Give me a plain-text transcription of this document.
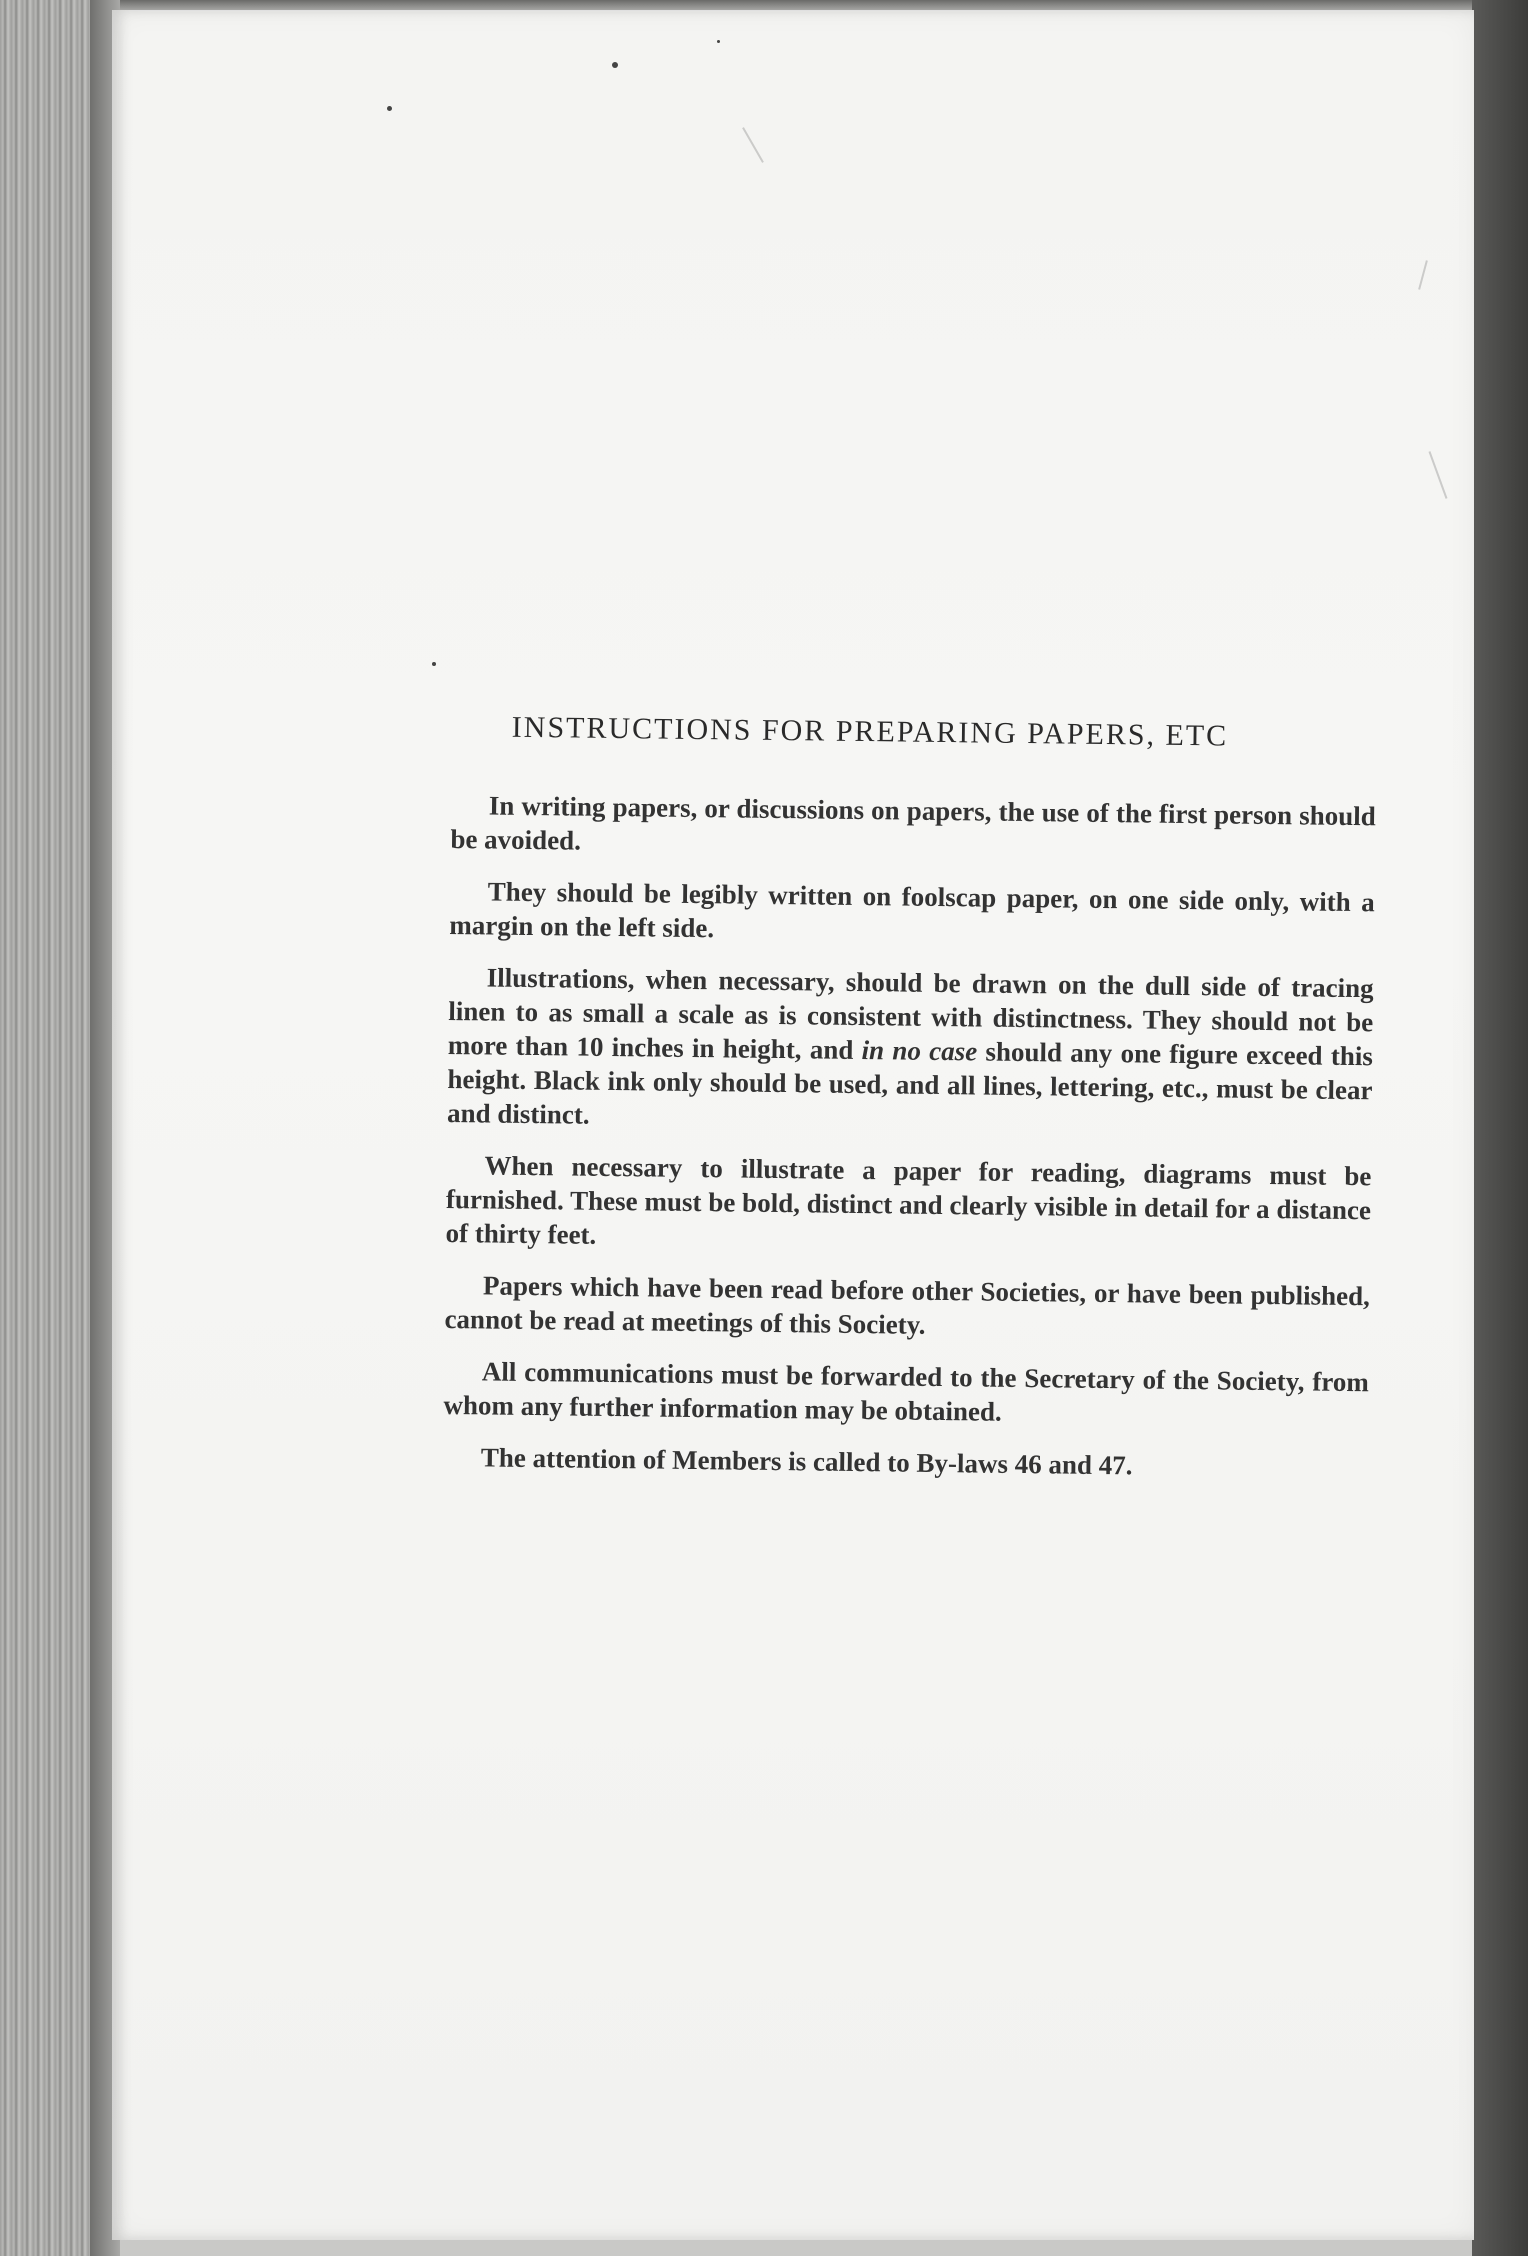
INSTRUCTIONS FOR PREPARING PAPERS, ETC

In writing papers, or discussions on papers, the use of the first person should be avoided.

They should be legibly written on foolscap paper, on one side only, with a margin on the left side.

Illustrations, when necessary, should be drawn on the dull side of tracing linen to as small a scale as is consistent with distinctness. They should not be more than 10 inches in height, and in no case should any one figure exceed this height. Black ink only should be used, and all lines, lettering, etc., must be clear and distinct.

When necessary to illustrate a paper for reading, diagrams must be furnished. These must be bold, distinct and clearly visible in detail for a distance of thirty feet.

Papers which have been read before other Societies, or have been published, cannot be read at meetings of this Society.

All communications must be forwarded to the Secretary of the Society, from whom any further information may be obtained.

The attention of Members is called to By-laws 46 and 47.
